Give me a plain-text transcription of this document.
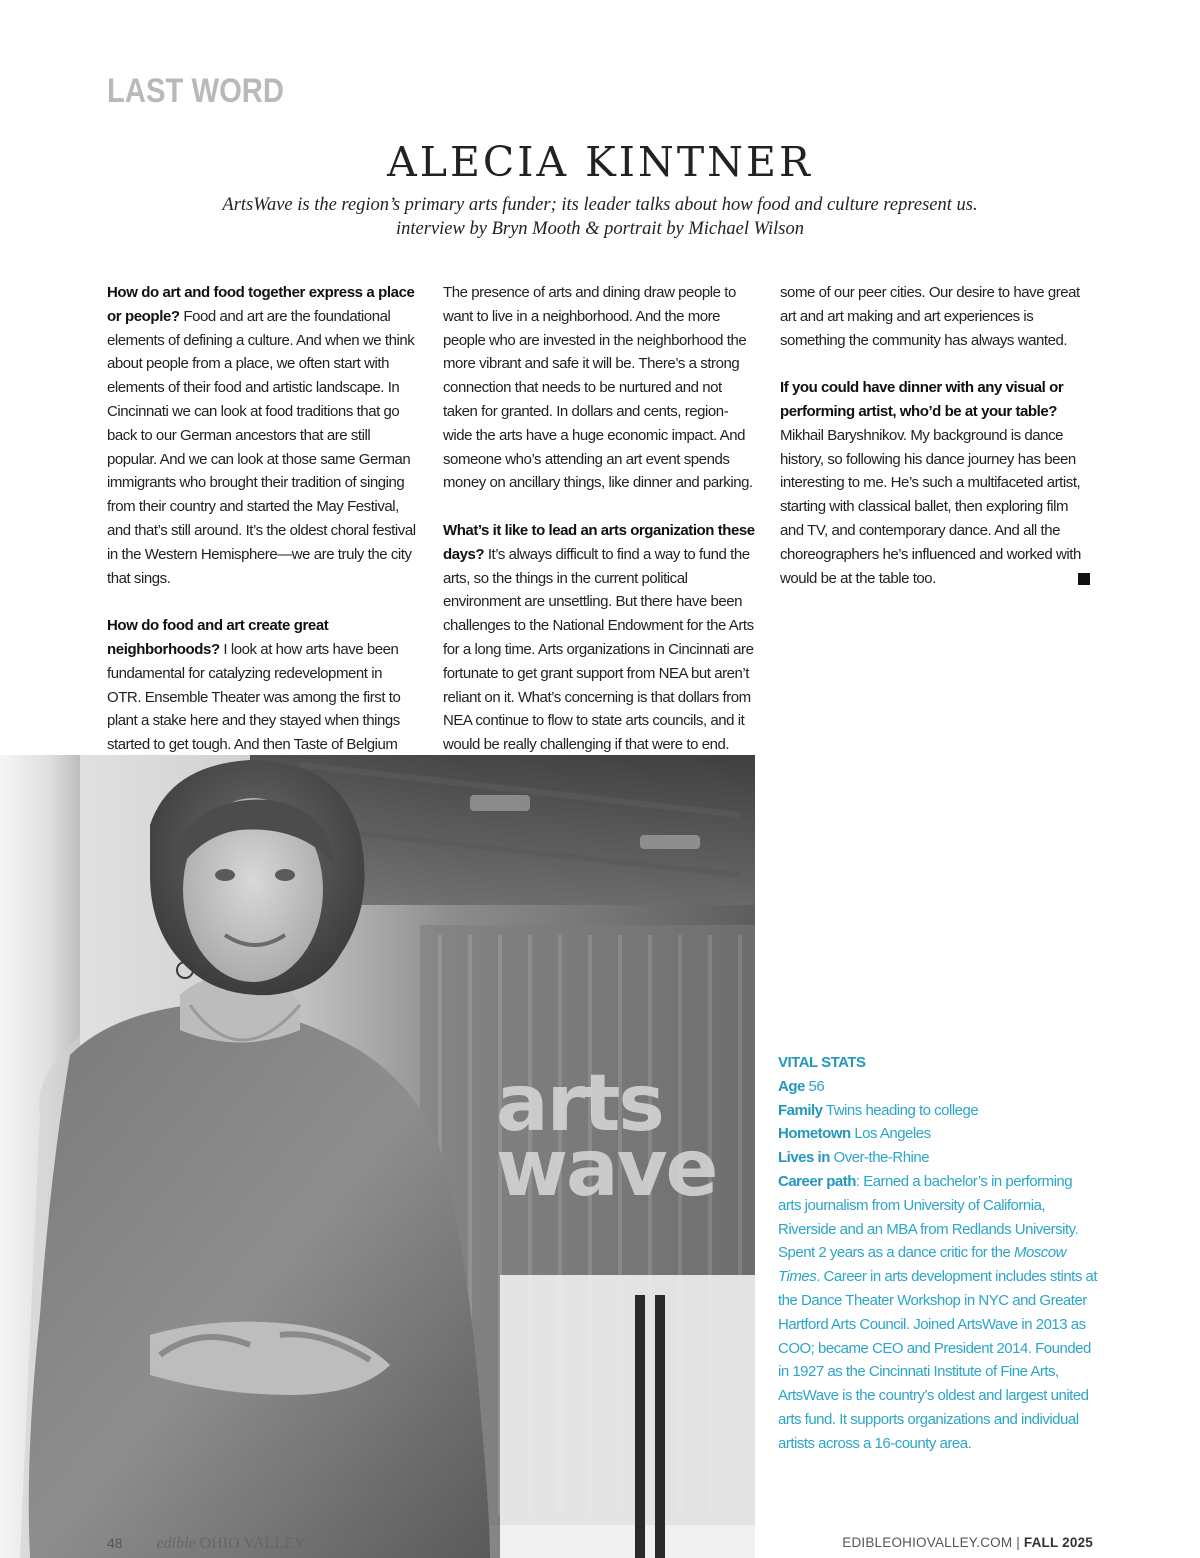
LAST WORD
ALECIA KINTNER
ArtsWave is the region’s primary arts funder; its leader talks about how food and culture represent us.
interview by Bryn Mooth & portrait by Michael Wilson

How do art and food together express a place or people? Food and art are the foundational elements of defining a culture. And when we think about people from a place, we often start with elements of their food and artistic landscape. In Cincinnati we can look at food traditions that go back to our German ancestors that are still popular. And we can look at those same German immigrants who brought their tradition of singing from their country and started the May Festival, and that’s still around. It’s the oldest choral festival in the Western Hemisphere—we are truly the city that sings.

How do food and art create great neighborhoods? I look at how arts have been fundamental for catalyzing redevelopment in OTR. Ensemble Theater was among the first to plant a stake here and they stayed when things started to get tough. And then Taste of Belgium

The presence of arts and dining draw people to want to live in a neighborhood. And the more people who are invested in the neighborhood the more vibrant and safe it will be. There’s a strong connection that needs to be nurtured and not taken for granted. In dollars and cents, region-wide the arts have a huge economic impact. And someone who’s attending an art event spends money on ancillary things, like dinner and parking.

What’s it like to lead an arts organization these days? It’s always difficult to find a way to fund the arts, so the things in the current political environment are unsettling. But there have been challenges to the National Endowment for the Arts for a long time. Arts organizations in Cincinnati are fortunate to get grant support from NEA but aren’t reliant on it. What’s concerning is that dollars from NEA continue to flow to state arts councils, and it would be really challenging if that were to end.

some of our peer cities. Our desire to have great art and art making and art experiences is something the community has always wanted.

If you could have dinner with any visual or performing artist, who’d be at your table? Mikhail Baryshnikov. My background is dance history, so following his dance journey has been interesting to me. He’s such a multifaceted artist, starting with classical ballet, then exploring film and TV, and contemporary dance. And all the choreographers he’s influenced and worked with would be at the table too.

arts
wave
VITAL STATS
Age 56
Family Twins heading to college
Hometown Los Angeles
Lives in Over-the-Rhine
Career path: Earned a bachelor’s in performing arts journalism from University of California, Riverside and an MBA from Redlands University. Spent 2 years as a dance critic for the Moscow Times. Career in arts development includes stints at the Dance Theater Workshop in NYC and Greater Hartford Arts Council. Joined ArtsWave in 2013 as COO; became CEO and President 2014. Founded in 1927 as the Cincinnati Institute of Fine Arts, ArtsWave is the country’s oldest and largest united arts fund. It supports organizations and individual artists across a 16-county area.
48 edible OHIO VALLEY	EDIBLEOHIOVALLEY.COM | FALL 2025
